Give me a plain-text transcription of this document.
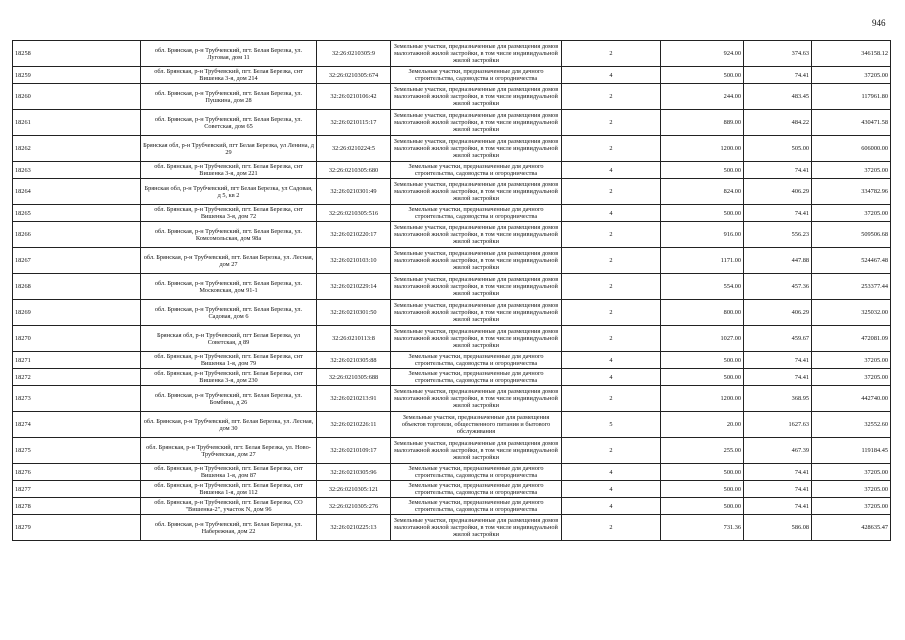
946
18258	обл. Брянская, р-н Трубчевский, пгт. Белая Березка, ул. Луговая, дом 11	32:26:0210305:9	Земельные участки, предназначенные для размещения домов малоэтажной жилой застройки, в том числе индивидуальной жилой застройки	2	924.00	374.63	346158.12
18259	обл. Брянская, р-н Трубчевский, пгт. Белая Березка, снт Вишенка 3-я, дом 214	32:26:0210305:674	Земельные участки, предназначенные для дачного строительства, садоводства и огородничества	4	500.00	74.41	37205.00
18260	обл. Брянская, р-н Трубчевский, пгт. Белая Березка, ул. Пушкина, дом 28	32:26:0210106:42	Земельные участки, предназначенные для размещения домов малоэтажной жилой застройки, в том числе индивидуальной жилой застройки	2	244.00	483.45	117961.80
18261	обл. Брянская, р-н Трубчевский, пгт. Белая Березка, ул. Советская, дом 65	32:26:0210115:17	Земельные участки, предназначенные для размещения домов малоэтажной жилой застройки, в том числе индивидуальной жилой застройки	2	889.00	484.22	430471.58
18262	Брянская обл, р-н Трубчевский, пгт Белая Березка, ул Ленина, д 29	32:26:0210224:5	Земельные участки, предназначенные для размещения домов малоэтажной жилой застройки, в том числе индивидуальной жилой застройки	2	1200.00	505.00	606000.00
18263	обл. Брянская, р-н Трубчевский, пгт. Белая Березка, снт Вишенка 3-я, дом 221	32:26:0210305:680	Земельные участки, предназначенные для дачного строительства, садоводства и огородничества	4	500.00	74.41	37205.00
18264	Брянская обл, р-н Трубчевский, пгт Белая Березка, ул Садовая, д 5, кв 2	32:26:0210301:49	Земельные участки, предназначенные для размещения домов малоэтажной жилой застройки, в том числе индивидуальной жилой застройки	2	824.00	406.29	334782.96
18265	обл. Брянская, р-н Трубчевский, пгт. Белая Березка, снт Вишенка 3-я, дом 72	32:26:0210305:516	Земельные участки, предназначенные для дачного строительства, садоводства и огородничества	4	500.00	74.41	37205.00
18266	обл. Брянская, р-н Трубчевский, пгт. Белая Березка, ул. Комсомольская, дом 98а	32:26:0210220:17	Земельные участки, предназначенные для размещения домов малоэтажной жилой застройки, в том числе индивидуальной жилой застройки	2	916.00	556.23	509506.68
18267	обл. Брянская, р-н Трубчевский, пгт. Белая Березка, ул. Лесная, дом 27	32:26:0210103:10	Земельные участки, предназначенные для размещения домов малоэтажной жилой застройки, в том числе индивидуальной жилой застройки	2	1171.00	447.88	524467.48
18268	обл. Брянская, р-н Трубчевский, пгт. Белая Березка, ул. Московская, дом 91-1	32:26:0210229:14	Земельные участки, предназначенные для размещения домов малоэтажной жилой застройки, в том числе индивидуальной жилой застройки	2	554.00	457.36	253377.44
18269	обл. Брянская, р-н Трубчевский, пгт. Белая Березка, ул. Садовая, дом 6	32:26:0210301:50	Земельные участки, предназначенные для размещения домов малоэтажной жилой застройки, в том числе индивидуальной жилой застройки	2	800.00	406.29	325032.00
18270	Брянская обл, р-н Трубчевский, пгт Белая Березка, ул Советская, д 89	32:26:0210113:8	Земельные участки, предназначенные для размещения домов малоэтажной жилой застройки, в том числе индивидуальной жилой застройки	2	1027.00	459.67	472081.09
18271	обл. Брянская, р-н Трубчевский, пгт. Белая Березка, снт Вишенка 1-я, дом 79	32:26:0210305:88	Земельные участки, предназначенные для дачного строительства, садоводства и огородничества	4	500.00	74.41	37205.00
18272	обл. Брянская, р-н Трубчевский, пгт. Белая Березка, снт Вишенка 3-я, дом 230	32:26:0210305:688	Земельные участки, предназначенные для дачного строительства, садоводства и огородничества	4	500.00	74.41	37205.00
18273	обл. Брянская, р-н Трубчевский, пгт. Белая Березка, ул. Бомбина, д 26	32:26:0210213:91	Земельные участки, предназначенные для размещения домов малоэтажной жилой застройки, в том числе индивидуальной жилой застройки	2	1200.00	368.95	442740.00
18274	обл. Брянская, р-н Трубчевский, пгт. Белая Березка, ул. Лесная, дом 30	32:26:0210226:11	Земельные участки, предназначенные для размещения объектов торговли, общественного питания и бытового обслуживания	5	20.00	1627.63	32552.60
18275	обл. Брянская, р-н Трубчевский, пгт. Белая Березка, ул. Ново-Трубчевская, дом 27	32:26:0210109:17	Земельные участки, предназначенные для размещения домов малоэтажной жилой застройки, в том числе индивидуальной жилой застройки	2	255.00	467.39	119184.45
18276	обл. Брянская, р-н Трубчевский, пгт. Белая Березка, снт Вишенка 1-я, дом 87	32:26:0210305:96	Земельные участки, предназначенные для дачного строительства, садоводства и огородничества	4	500.00	74.41	37205.00
18277	обл. Брянская, р-н Трубчевский, пгт. Белая Березка, снт Вишенка 1-я, дом 112	32:26:0210305:121	Земельные участки, предназначенные для дачного строительства, садоводства и огородничества	4	500.00	74.41	37205.00
18278	обл. Брянская, р-н Трубчевский, пгт. Белая Березка, СО "Вишенка-2", участок N, дом 96	32:26:0210305:276	Земельные участки, предназначенные для дачного строительства, садоводства и огородничества	4	500.00	74.41	37205.00
18279	обл. Брянская, р-н Трубчевский, пгт. Белая Березка, ул. Набережная, дом 22	32:26:0210225:13	Земельные участки, предназначенные для размещения домов малоэтажной жилой застройки, в том числе индивидуальной жилой застройки	2	731.36	586.08	428635.47
